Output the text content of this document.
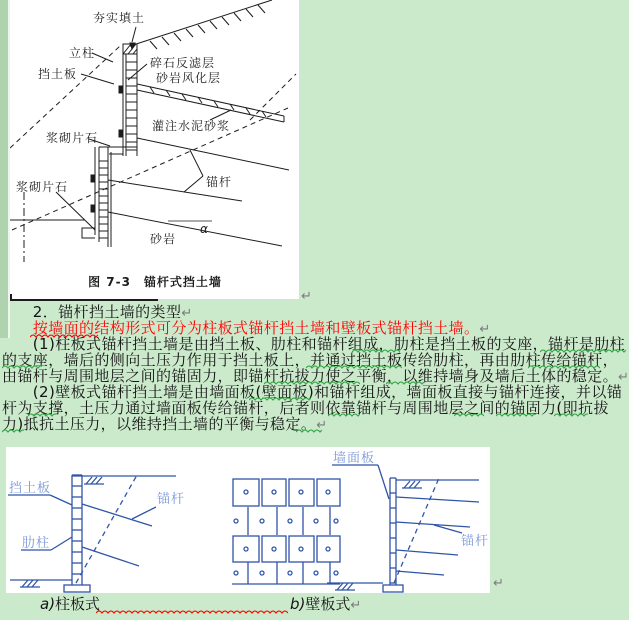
夯实填土
立柱
挡土板
碎石反滤层
砂岩风化层
灌注水泥砂浆
浆砌片石
浆砌片石	锚杆
砂岩
α
图 7-3　锚杆式挡土墙
↵
　　2．锚杆挡土墙的类型↵
　　按墙面的结构形式可分为柱板式锚杆挡土墙和壁板式锚杆挡土墙。↵
　　(1)柱板式锚杆挡土墙是由挡土板、肋柱和锚杆组成，肋柱是挡土板的支座，锚杆是肋柱
的支座，墙后的侧向土压力作用于挡土板上，并通过挡土板传给肋柱，再由肋柱传给锚杆，
由锚杆与周围地层之间的锚固力，即锚杆抗拔力使之平衡，以维持墙身及墙后土体的稳定。↵
　　(2)壁板式锚杆挡土墙是由墙面板(壁面板)和锚杆组成，墙面板直接与锚杆连接，并以锚
杆为支撑，土压力通过墙面板传给锚杆，后者则依靠锚杆与周围地层之间的锚固力(即抗拔
力)抵抗土压力，以维持挡土墙的平衡与稳定。↵
挡土板
锚杆
肋柱
墙面板
锚杆
↵
a)柱板式	b)壁板式↵
